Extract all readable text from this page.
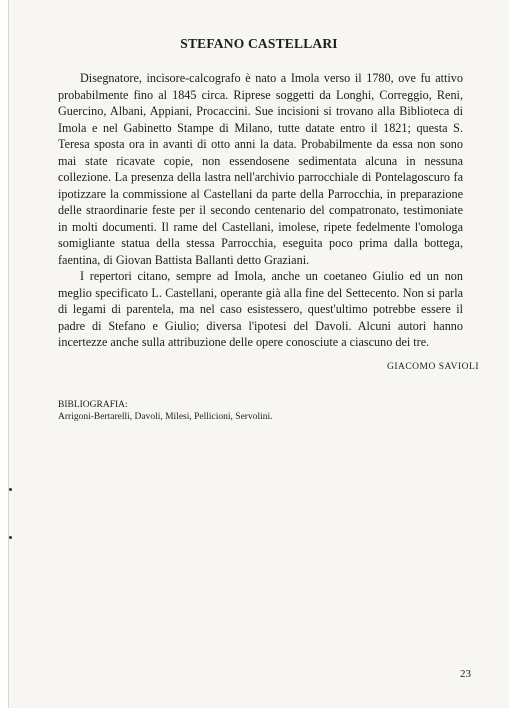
STEFANO CASTELLARI

Disegnatore, incisore-calcografo è nato a Imola verso il 1780, ove fu attivo probabilmente fino al 1845 circa. Riprese soggetti da Longhi, Correggio, Reni, Guercino, Albani, Appiani, Procaccini. Sue incisioni si trovano alla Biblioteca di Imola e nel Gabinetto Stampe di Milano, tutte datate entro il 1821; questa S. Teresa sposta ora in avanti di otto anni la data. Probabilmente da essa non sono mai state ricavate copie, non essendosene sedimentata alcuna in nessuna collezione. La presenza della lastra nell'archivio parrocchiale di Pontelagoscuro fa ipotizzare la commissione al Castellani da parte della Parrocchia, in preparazione delle straordinarie feste per il secondo centenario del compatronato, testimoniate in molti documenti. Il rame del Castellani, imolese, ripete fedelmente l'omologa somigliante statua della stessa Parrocchia, eseguita poco prima dalla bottega, faentina, di Giovan Battista Ballanti detto Graziani.

I repertori citano, sempre ad Imola, anche un coetaneo Giulio ed un non meglio specificato L. Castellani, operante già alla fine del Settecento. Non si parla di legami di parentela, ma nel caso esistessero, quest'ultimo potrebbe essere il padre di Stefano e Giulio; diversa l'ipotesi del Davoli. Alcuni autori hanno incertezze anche sulla attribuzione delle opere conosciute a ciascuno dei tre.

GIACOMO SAVIOLI
BIBLIOGRAFIA:
Arrigoni-Bertarelli, Davoli, Milesi, Pellicioni, Servolini.
23
